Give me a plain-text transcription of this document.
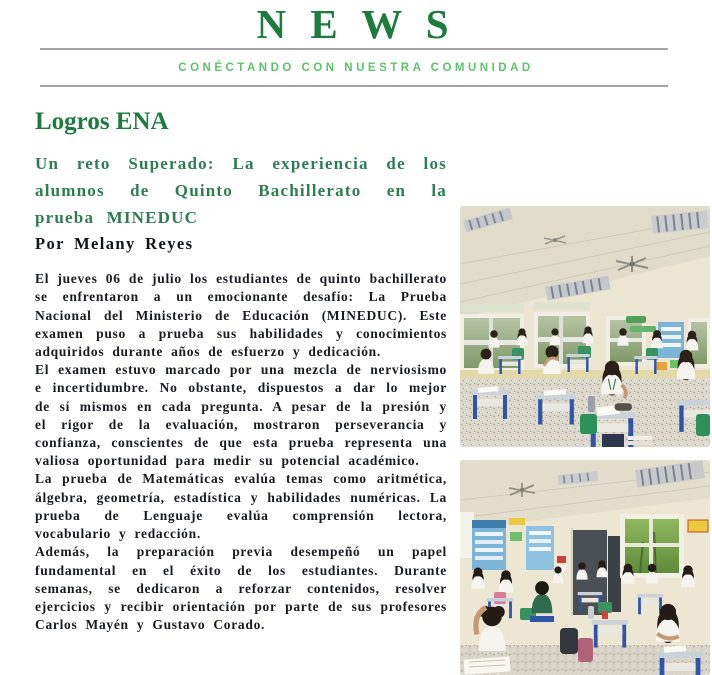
N E W S
CONÉCTANDO CON NUESTRA COMUNIDAD
Logros ENA
Un reto Superado: La experiencia de los alumnos de Quinto Bachillerato en la prueba MINEDUC

Por Melany Reyes

El jueves 06 de julio los estudiantes de quinto bachillerato se enfrentaron a un emocionante desafío: La Prueba Nacional del Ministerio de Educación (MINEDUC). Este examen puso a prueba sus habilidades y conocimientos adquiridos durante años de esfuerzo y dedicación.

El examen estuvo marcado por una mezcla de nerviosismo e incertidumbre. No obstante, dispuestos a dar lo mejor de sí mismos en cada pregunta. A pesar de la presión y el rigor de la evaluación, mostraron perseverancia y confianza, conscientes de que esta prueba representa una valiosa oportunidad para medir su potencial académico.

La prueba de Matemáticas evalúa temas como aritmética, álgebra, geometría, estadística y habilidades numéricas. La prueba de Lenguaje evalúa comprensión lectora, vocabulario y redacción.

Además, la preparación previa desempeñó un papel fundamental en el éxito de los estudiantes. Durante semanas, se dedicaron a reforzar contenidos, resolver ejercicios y recibir orientación por parte de sus profesores Carlos Mayén y Gustavo Corado.
